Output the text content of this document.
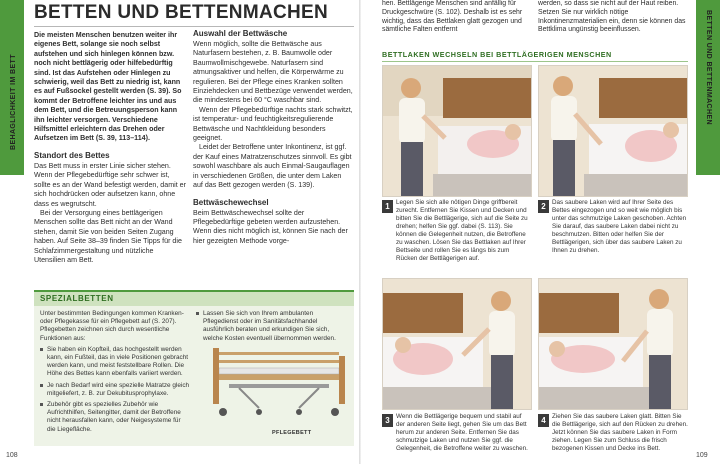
BEHAGLICHKEIT IM BETT
BETTEN UND BETTENMACHEN

Die meisten Menschen benutzen weiter ihr eigenes Bett, solange sie noch selbst aufstehen und sich hinlegen können bzw. noch nicht bettlägerig oder hilfebedürftig sind. Ist das Aufstehen oder Hinlegen zu schwierig, weil das Bett zu niedrig ist, kann es auf Fußsockel gestellt werden (S. 39). So kommt der Betroffene leichter ins und aus dem Bett, und die Betreuungsperson kann ihn leichter versorgen. Verschiedene Hilfsmittel erleichtern das Drehen oder Aufsetzen im Bett (S. 39, 113–114).

Standort des Bettes

Das Bett muss in erster Linie sicher stehen. Wenn der Pflegebedürftige sehr schwer ist, sollte es an der Wand befestigt werden, damit er sich hochdrücken oder aufsetzen kann, ohne dass es wegrutscht.

Bei der Versorgung eines bettlägerigen Menschen sollte das Bett nicht an der Wand stehen, damit Sie von beiden Seiten Zugang haben. Auf Seite 38–39 finden Sie Tipps für die Schlafzimmergestaltung und nützliche Utensilien am Bett.

Auswahl der Bettwäsche

Wenn möglich, sollte die Bettwäsche aus Naturfasern bestehen, z. B. Baumwolle oder Baumwollmischgewebe. Naturfasern sind atmungsaktiver und helfen, die Körperwärme zu regulieren. Bei der Pflege eines Kranken sollten Einziehdecken und Bettbezüge verwendet werden, die mindestens bei 60 °C waschbar sind.

Wenn der Pflegebedürftige nachts stark schwitzt, ist temperatur- und feuchtigkeitsregulierende Bettwäsche und Nachtkleidung besonders geeignet.

Leidet der Betroffene unter Inkontinenz, ist ggf. der Kauf eines Matratzenschutzes sinnvoll. Es gibt sowohl waschbare als auch Einmal-Saugauflagen in verschiedenen Größen, die unter dem Laken auf das Bett gezogen werden (S. 139).

Bettwäschewechsel

Beim Bettwäschewechsel sollte der Pflegebedürftige gebeten werden aufzustehen. Wenn dies nicht möglich ist, können Sie nach der hier gezeigten Methode vorge-

SPEZIALBETTEN

Unter bestimmten Bedingungen kommen Kranken- oder Pflegekasse für ein Pflegebett auf (S. 207). Pflegebetten zeichnen sich durch wesentliche Funktionen aus:

Sie haben ein Kopfteil, das hochgestellt werden kann, ein Fußteil, das in viele Positionen gebracht werden kann, und meist feststellbare Rollen. Die Höhe des Bettes kann ebenfalls variiert werden.
Je nach Bedarf wird eine spezielle Matratze gleich mitgeliefert, z. B. zur Dekubitusprophylaxe.
Zubehör gibt es spezielles Zubehör wie Aufrichthilfen, Seitengitter, damit der Betroffene nicht herausfallen kann, oder Neigesysteme für die Liegefläche.
Lassen Sie sich von Ihrem ambulanten Pflegedienst oder im Sanitätsfachhandel ausführlich beraten und erkundigen Sie sich, welche Kosten eventuell übernommen werden.
PFLEGEBETT
108
BETTEN UND BETTENMACHEN

hen. Bettlägerige Menschen sind anfällig für Druckgeschwüre (S. 102). Deshalb ist es sehr wichtig, dass das Bettlaken glatt gezogen und sämtliche Falten entfernt

werden, so dass sie nicht auf der Haut reiben. Setzen Sie nur wirklich nötige Inkontinenzmaterialien ein, denn sie können das Bettklima ungünstig beeinflussen.

BETTLAKEN WECHSELN BEI BETTLÄGERIGEN MENSCHEN
1 Legen Sie sich alle nötigen Dinge griffbereit zurecht. Entfernen Sie Kissen und Decken und bitten Sie die Bettlägerige, sich auf die Seite zu drehen; helfen Sie ggf. dabei (S. 113). Sie können die Gelegenheit nutzen, die Betroffene zu waschen. Lösen Sie das Bettlaken auf Ihrer Bettseite und rollen Sie es längs bis zum Rücken der Bettlägerigen auf.
2 Das saubere Laken wird auf Ihrer Seite des Bettes eingezogen und so weit wie möglich bis unter das schmutzige Laken geschoben. Achten Sie darauf, das saubere Laken dabei nicht zu beschmutzen. Bitten oder helfen Sie der Bettlägerigen, sich über das saubere Laken zu Ihnen zu drehen.
3 Wenn die Bettlägerige bequem und stabil auf der anderen Seite liegt, gehen Sie um das Bett herum zur anderen Seite. Entfernen Sie das schmutzige Laken und nutzen Sie ggf. die Gelegenheit, die Betroffene weiter zu waschen.
4 Ziehen Sie das saubere Laken glatt. Bitten Sie die Bettlägerige, sich auf den Rücken zu drehen. Jetzt können Sie das saubere Laken in Form ziehen. Legen Sie zum Schluss die frisch bezogenen Kissen und Decke ins Bett.
109
